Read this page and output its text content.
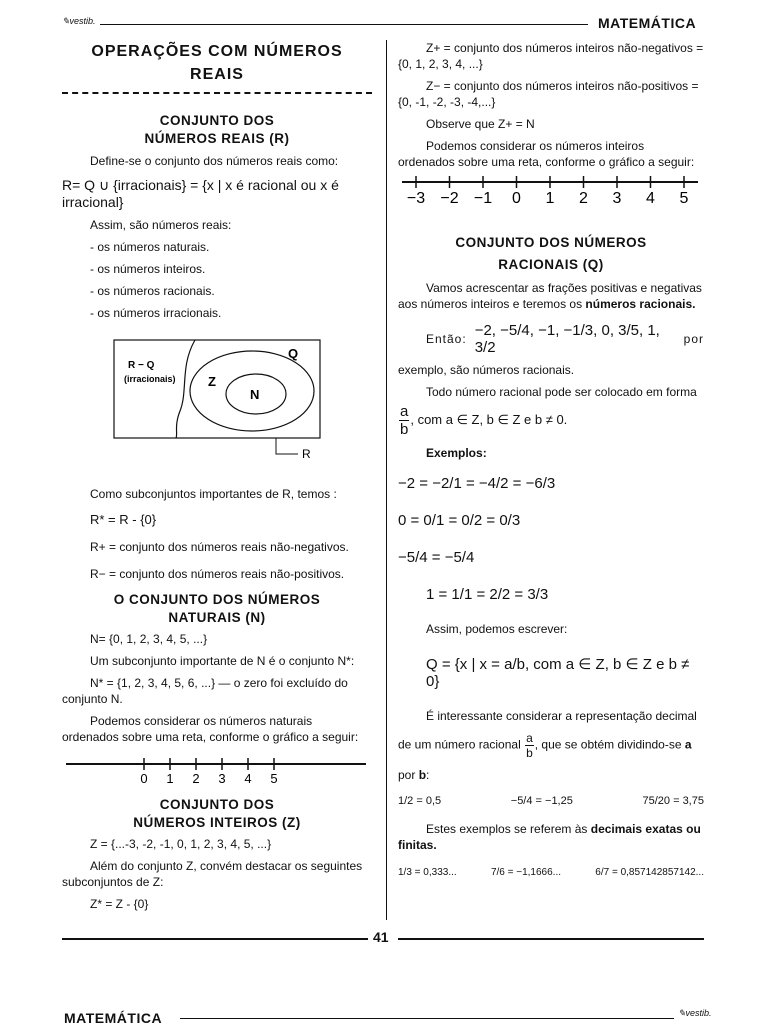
✎vestib.	MATEMÁTICA
OPERAÇÕES COM NÚMEROS
REAIS
CONJUNTO DOS
NÚMEROS REAIS (R)
Define-se o conjunto dos números reais como:
R= Q ∪ {irracionais} = {x | x é racional ou x é irracional}
Assim, são números reais:
- os números naturais.
- os números inteiros.
- os números racionais.
- os números irracionais.
R − Q
(irracionais)
Q
Z
N
R
Como subconjuntos importantes de R, temos :
R* = R - {0}
R+ = conjunto dos números reais não-negativos.
R− = conjunto dos números reais não-positivos.
O CONJUNTO DOS NÚMEROS
NATURAIS (N)
N= {0, 1, 2, 3, 4, 5, ...}
Um subconjunto importante de N é o conjunto N*:
N* = {1, 2, 3, 4, 5, 6, ...} — o zero foi excluído do conjunto N.
Podemos considerar os números naturais ordenados sobre uma reta, conforme o gráfico a seguir:
0 1 2 3 4 5
CONJUNTO DOS
NÚMEROS INTEIROS (Z)
Z = {...-3, -2, -1, 0, 1, 2, 3, 4, 5, ...}
Além do conjunto Z, convém destacar os seguintes subconjuntos de Z:
Z* = Z - {0}
Z+ = conjunto dos números inteiros não-negativos = {0, 1, 2, 3, 4, ...}
Z− = conjunto dos números inteiros não-positivos = {0, -1, -2, -3, -4,...}
Observe que Z+ = N
Podemos considerar os números inteiros ordenados sobre uma reta, conforme o gráfico a seguir:
−3 −2 −1 0 1 2 3 4 5
CONJUNTO DOS NÚMEROS
RACIONAIS (Q)
Vamos acrescentar as frações positivas e negativas aos números inteiros e teremos os números racionais.
Então: −2, −5/4, −1, −1/3, 0, 3/5, 1, 3/2	por
exemplo, são números racionais.
Todo número racional pode ser colocado em forma
$\frac{a}{b}$ , com a ∈ Z, b ∈ Z e b ≠ 0.
Exemplos:
−2 = −2/1 = −4/2 = −6/3
0 = 0/1 = 0/2 = 0/3
−5/4 = −5/4
1 = 1/1 = 2/2 = 3/3
Assim, podemos escrever:
Q = {x | x = a/b, com a ∈ Z, b ∈ Z e b ≠ 0}
É interessante considerar a representação decimal
de um número racional $\frac{a}{b}$ , que se obtém dividindo-se a
por b:
1/2 = 0,5	−5/4 = −1,25	75/20 = 3,75
Estes exemplos se referem às decimais exatas ou finitas.
1/3 = 0,333...	7/6 = −1,1666...	6/7 = 0,857142857142...
41
MATEMÁTICA	✎vestib.
